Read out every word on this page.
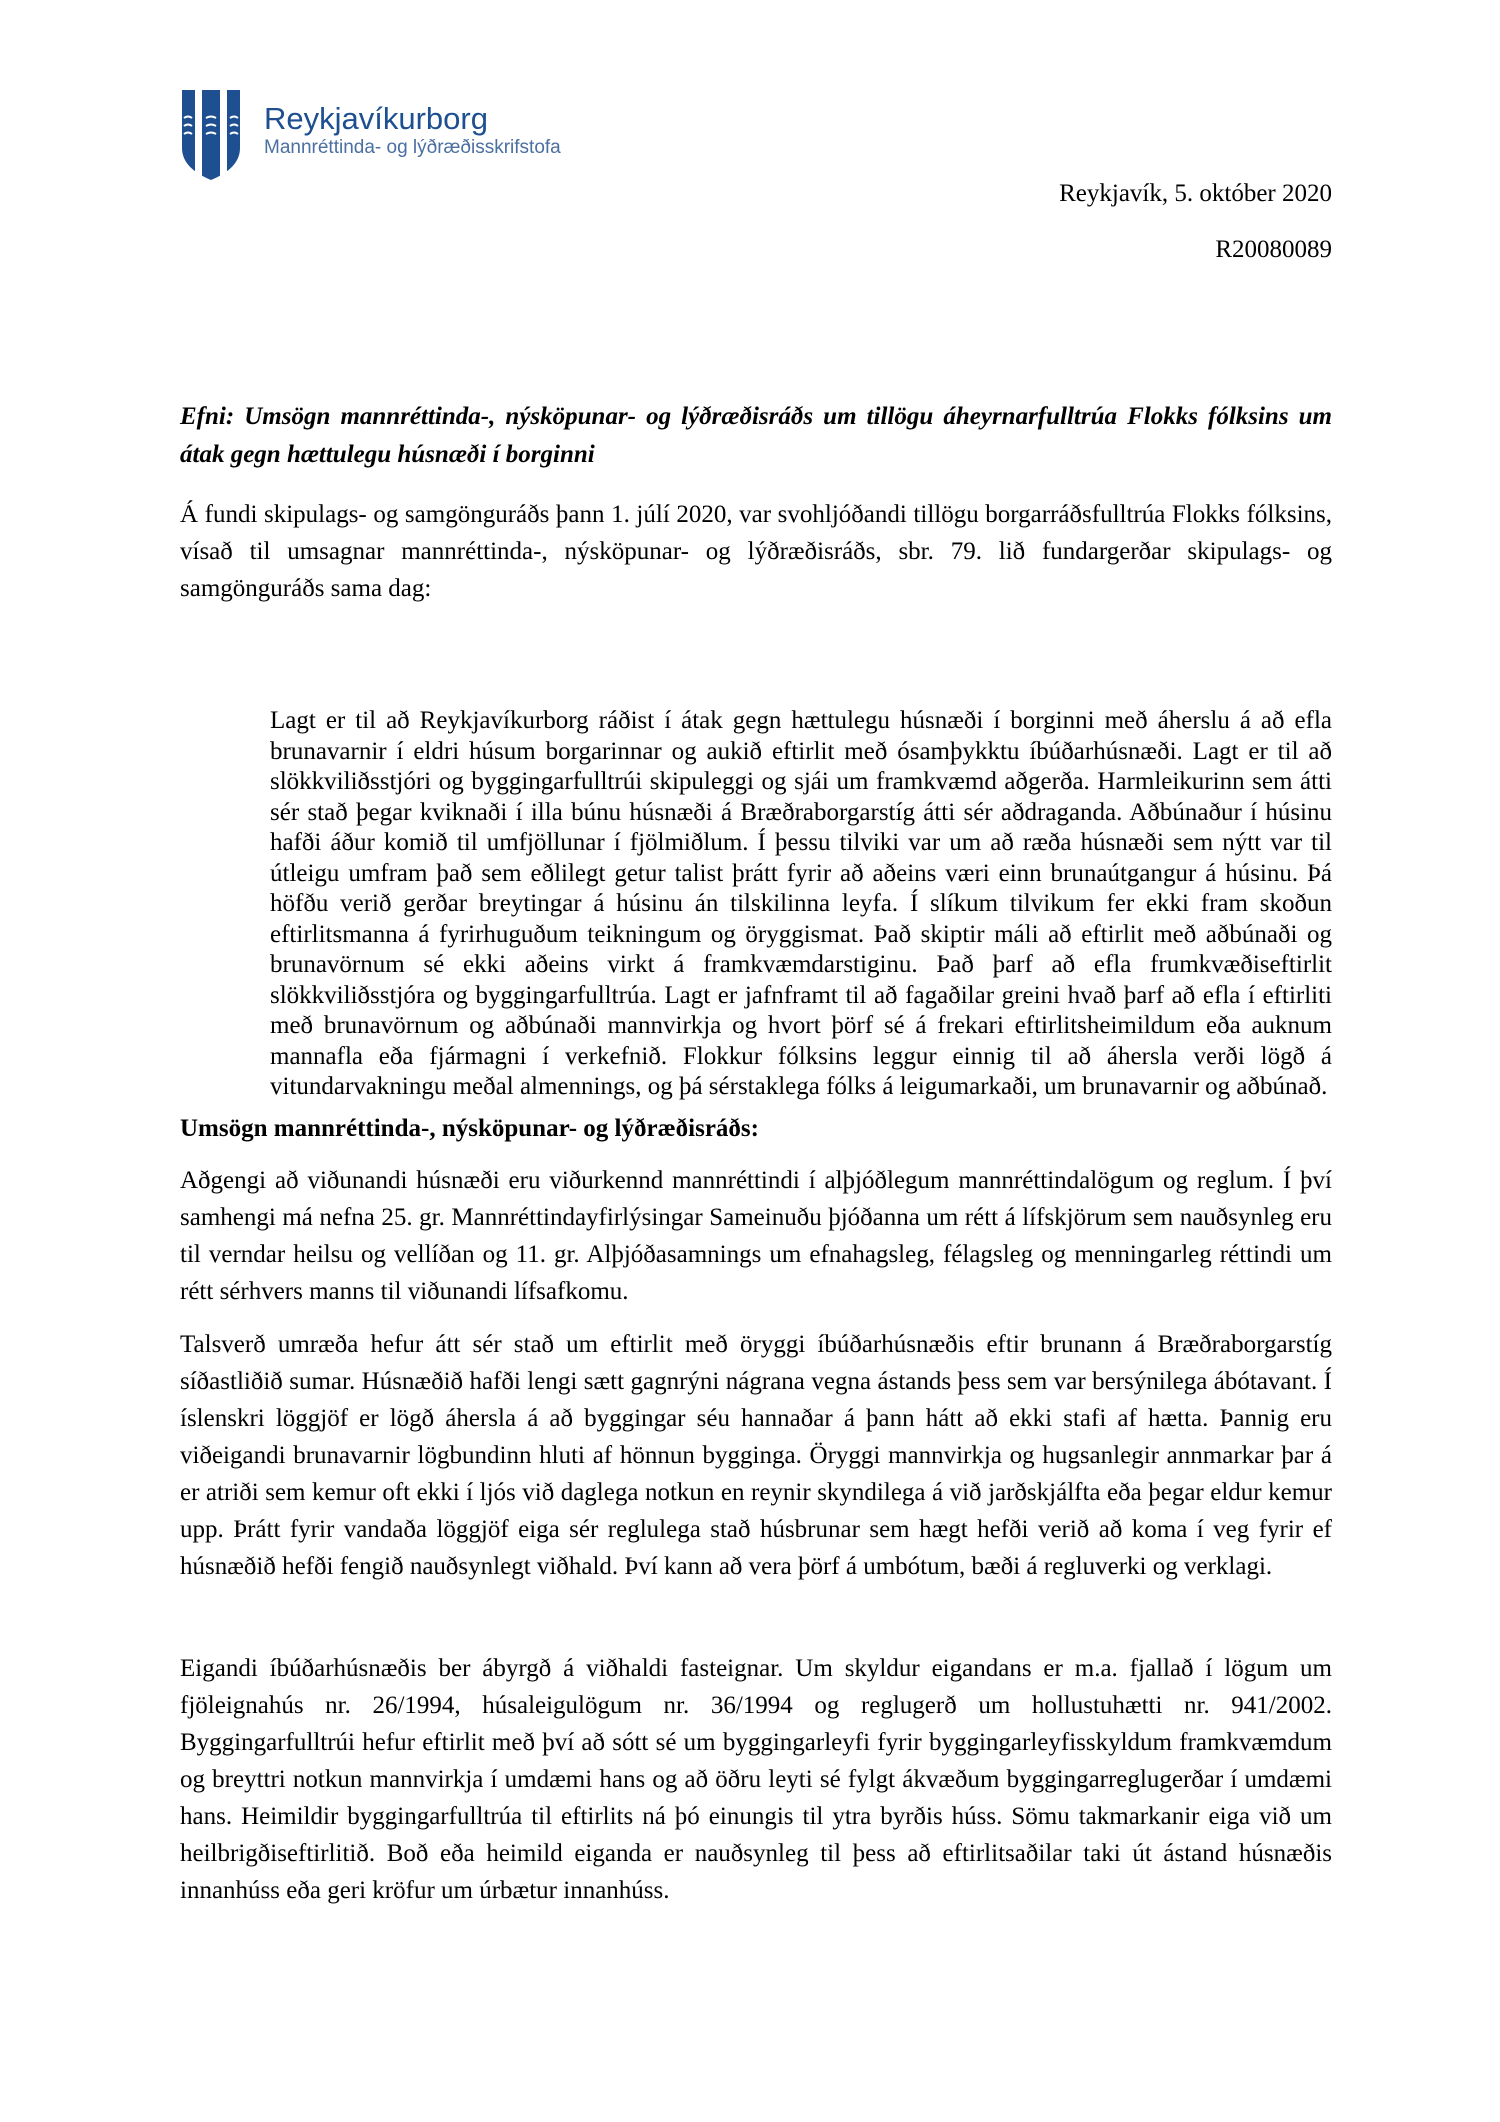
Reykjavíkurborg
Mannréttinda- og lýðræðisskrifstofa
Reykjavík, 5. október 2020
R20080089
Efni: Umsögn mannréttinda-, nýsköpunar- og lýðræðisráðs um tillögu áheyrnarfulltrúa Flokks fólksins um átak gegn hættulegu húsnæði í borginni

Á fundi skipulags- og samgönguráðs þann 1. júlí 2020, var svohljóðandi tillögu borgarráðsfulltrúa Flokks fólksins, vísað til umsagnar mannréttinda-, nýsköpunar- og lýðræðisráðs, sbr. 79. lið fundargerðar skipulags- og samgönguráðs sama dag:

Lagt er til að Reykjavíkurborg ráðist í átak gegn hættulegu húsnæði í borginni með áherslu á að efla brunavarnir í eldri húsum borgarinnar og aukið eftirlit með ósamþykktu íbúðarhúsnæði. Lagt er til að slökkviliðsstjóri og byggingarfulltrúi skipuleggi og sjái um framkvæmd aðgerða. Harmleikurinn sem átti sér stað þegar kviknaði í illa búnu húsnæði á Bræðraborgarstíg átti sér aðdraganda. Aðbúnaður í húsinu hafði áður komið til umfjöllunar í fjölmiðlum. Í þessu tilviki var um að ræða húsnæði sem nýtt var til útleigu umfram það sem eðlilegt getur talist þrátt fyrir að aðeins væri einn brunaútgangur á húsinu. Þá höfðu verið gerðar breytingar á húsinu án tilskilinna leyfa. Í slíkum tilvikum fer ekki fram skoðun eftirlitsmanna á fyrirhuguðum teikningum og öryggismat. Það skiptir máli að eftirlit með aðbúnaði og brunavörnum sé ekki aðeins virkt á framkvæmdarstiginu. Það þarf að efla frumkvæðiseftirlit slökkviliðsstjóra og byggingarfulltrúa. Lagt er jafnframt til að fagaðilar greini hvað þarf að efla í eftirliti með brunavörnum og aðbúnaði mannvirkja og hvort þörf sé á frekari eftirlitsheimildum eða auknum mannafla eða fjármagni í verkefnið. Flokkur fólksins leggur einnig til að áhersla verði lögð á vitundarvakningu meðal almennings, og þá sérstaklega fólks á leigumarkaði, um brunavarnir og aðbúnað.

Umsögn mannréttinda-, nýsköpunar- og lýðræðisráðs:

Aðgengi að viðunandi húsnæði eru viðurkennd mannréttindi í alþjóðlegum mannréttindalögum og reglum. Í því samhengi má nefna 25. gr. Mannréttindayfirlýsingar Sameinuðu þjóðanna um rétt á lífskjörum sem nauðsynleg eru til verndar heilsu og vellíðan og 11. gr. Alþjóðasamnings um efnahagsleg, félagsleg og menningarleg réttindi um rétt sérhvers manns til viðunandi lífsafkomu.

Talsverð umræða hefur átt sér stað um eftirlit með öryggi íbúðarhúsnæðis eftir brunann á Bræðraborgarstíg síðastliðið sumar. Húsnæðið hafði lengi sætt gagnrýni nágrana vegna ástands þess sem var bersýnilega ábótavant. Í íslenskri löggjöf er lögð áhersla á að byggingar séu hannaðar á þann hátt að ekki stafi af hætta. Þannig eru viðeigandi brunavarnir lögbundinn hluti af hönnun bygginga. Öryggi mannvirkja og hugsanlegir annmarkar þar á er atriði sem kemur oft ekki í ljós við daglega notkun en reynir skyndilega á við jarðskjálfta eða þegar eldur kemur upp. Þrátt fyrir vandaða löggjöf eiga sér reglulega stað húsbrunar sem hægt hefði verið að koma í veg fyrir ef húsnæðið hefði fengið nauðsynlegt viðhald. Því kann að vera þörf á umbótum, bæði á regluverki og verklagi.

Eigandi íbúðarhúsnæðis ber ábyrgð á viðhaldi fasteignar. Um skyldur eigandans er m.a. fjallað í lögum um fjöleignahús nr. 26/1994, húsaleigulögum nr. 36/1994 og reglugerð um hollustuhætti nr. 941/2002. Byggingarfulltrúi hefur eftirlit með því að sótt sé um byggingarleyfi fyrir byggingarleyfisskyldum framkvæmdum og breyttri notkun mannvirkja í umdæmi hans og að öðru leyti sé fylgt ákvæðum byggingarreglugerðar í umdæmi hans. Heimildir byggingarfulltrúa til eftirlits ná þó einungis til ytra byrðis húss. Sömu takmarkanir eiga við um heilbrigðiseftirlitið. Boð eða heimild eiganda er nauðsynleg til þess að eftirlitsaðilar taki út ástand húsnæðis innanhúss eða geri kröfur um úrbætur innanhúss.
